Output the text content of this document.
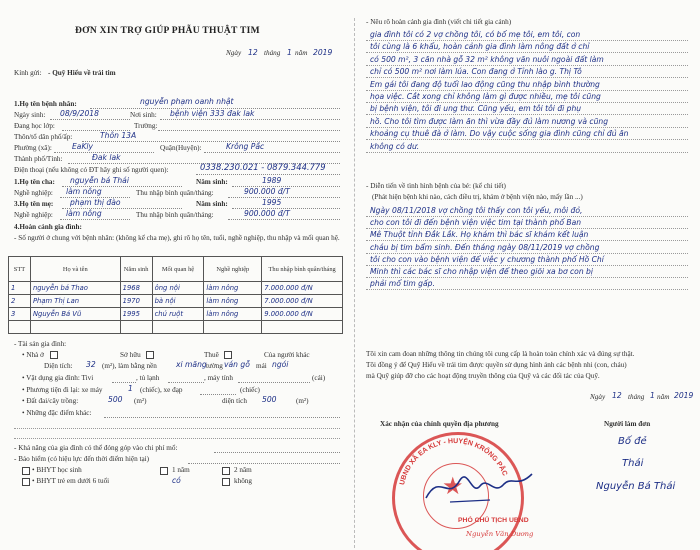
ĐƠN XIN TRỢ GIÚP PHẪU THUẬT TIM
Ngày 12 tháng 1 năm 2019
Kính gửi: - Quỹ Hiểu về trái tim
1.Họ tên bệnh nhân:	nguyễn phạm oanh nhật
Ngày sinh: 08/9/2018	Nơi sinh: bệnh viện 333 đak lak
Đang học lớp:	Trường:
Thôn/tổ dân phố/ấp:	Thôn 13A
Phường (xã):	EaKly	Quận(Huyện):	Krông Pắc
Thành phố/Tỉnh:	Đak lak
Điện thoại (nếu không có ĐT hãy ghi số người quen):	0338.230.021 - 0879.344.779
1.Họ tên cha: nguyễn bá Thái	Năm sinh:	1989
Nghề nghiệp: làm nông	Thu nhập bình quân/tháng:	900.000 đ/T
3.Họ tên mẹ: phạm thị đào	Năm sinh:	1995
Nghề nghiệp: làm nông	Thu nhập bình quân/tháng:	900.000 đ/T
4.Hoàn cảnh gia đình:
- Số người ở chung với bệnh nhân: (không kể cha mẹ), ghi rõ họ tên, tuổi, nghề nghiệp, thu nhập và mối quan hệ.
STT	Họ và tên	Năm sinh	Mối quan hệ	Nghề nghiệp	Thu nhập bình quân/tháng
1	nguyễn bá Thao	1968	ông nội	làm nông	7.000.000 đ/N
2	Phạm Thị Lan	1970	bà nội	làm nông	7.000.000 đ/N
3	Nguyễn Bá Vũ	1995	chú ruột	làm nông	9.000.000 đ/N

- Tài sản gia đình:
• Nhà ở	Sở hữu	Thuê	Của người khác
Diện tích: 32 (m²), làm bằng nền	xi măng tường ván gỗ mái ngói
• Vật dụng gia đình: Tivi	, tủ lạnh	, máy tính	(cái)
• Phương tiện đi lại: xe máy	1 (chiếc), xe đạp	(chiếc)
• Đất đai/cây trồng:	500 (m²)	diện tích 500	(m²)
• Những đặc điểm khác:
- Khả năng của gia đình có thể đóng góp vào chi phí mổ:
- Bảo hiểm (có hiệu lực đến thời điểm hiện tại)
• BHYT học sinh	1 năm	2 năm
• BHYT trẻ em dưới 6 tuổi	có	không
- Nêu rõ hoàn cảnh gia đình (viết chi tiết gia cảnh)
gia đình tôi có 2 vợ chồng tôi, có bố mẹ tôi, em tôi, con
tôi cùng là 6 khẩu, hoàn cảnh gia đình làm nông đất ở chỉ
có 500 m², 3 căn nhà gỗ 32 m² không văn nuôi ngoài đất làm
chỉ có 500 m² nơi làm lúa. Con đang ở Tỉnh lào g. Thị Tô
Em gái tôi đang độ tuổi lao động cũng thu nhập bình thường
họa việc. Cắt xong chỉ không làm gì được nhiều, mẹ tôi cũng
bị bệnh viện, tôi đi ung thư. Cũng yếu, em tôi tôi đi phụ
hồ. Cho tôi tìm được làm ăn thì vừa đầy đủ làm nương và cũng
khoảng cụ thuê đà ở làm. Do vậy cuộc sống gia đình cũng chỉ đủ ăn
không có dư.
- Diễn tiến về tình hình bệnh của bé: (kể chi tiết)
(Phát hiện bệnh khi nào, cách điều trị, khám ở bệnh viện nào, mấy lần ...)
Ngày 08/11/2018 vợ chồng tôi thấy con tôi yếu, môi đỏ,
cho con tôi đi đến bệnh viện việc tim tại thành phố Ban
Mê Thuột tỉnh Đắk Lắk. Họ khám thì bác sĩ khám kết luận
cháu bị tim bẩm sinh. Đến tháng ngày 08/11/2019 vợ chồng
tôi cho con vào bệnh viện để việc y chương thành phố Hồ Chí
Minh thì các bác sĩ cho nhập viện để theo giõi xa bơ con bị
phải mổ tim gấp.
Tôi xin cam đoan những thông tin chúng tôi cung cấp là hoàn toàn chính xác và đúng sự thật.
Tôi đồng ý để Quỹ Hiểu về trái tim được quyền sử dụng hình ảnh các bệnh nhi (con, cháu)
mà Quỹ giúp đỡ cho các hoạt động truyền thông của Quỹ và các đối tác của Quỹ.
Ngày 12 tháng 1 năm 2019
Xác nhận của chính quyền địa phương	Người làm đơn
★
UBND XÃ EA KLY - HUYỆN KRÔNG PẮC
PHÓ CHỦ TỊCH UBND
Nguyễn Văn Dương
Bố đẻ
Thái
Nguyễn Bá Thái
